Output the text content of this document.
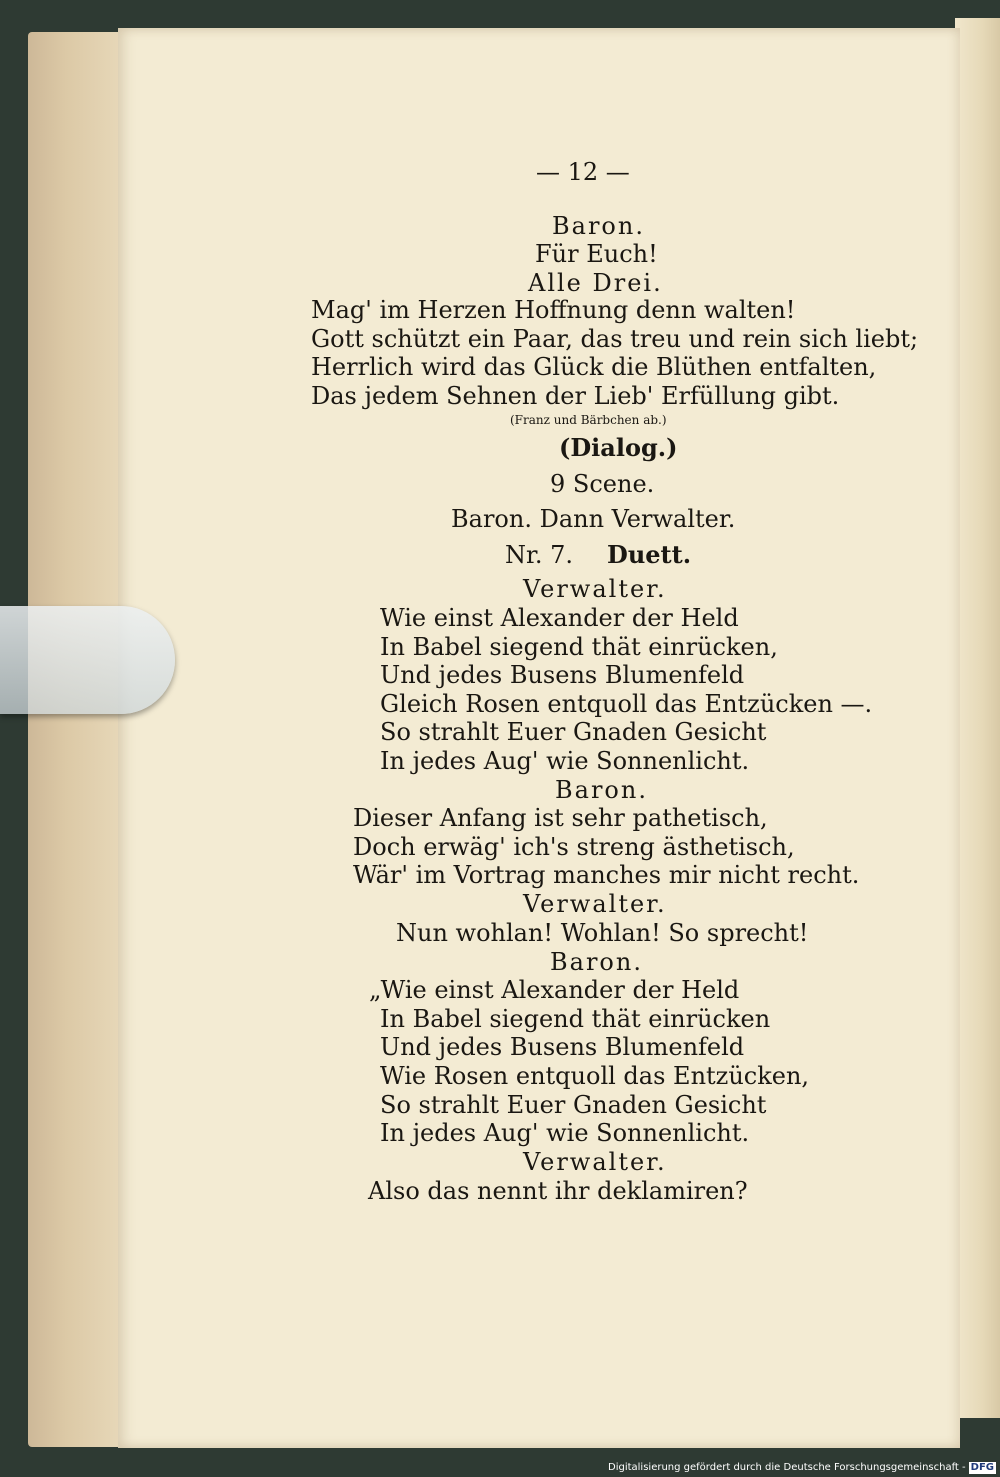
— 12 —
Baron.
Für Euch!
Alle Drei.
Mag' im Herzen Hoffnung denn walten!
Gott schützt ein Paar, das treu und rein sich liebt;
Herrlich wird das Glück die Blüthen entfalten,
Das jedem Sehnen der Lieb' Erfüllung gibt.
(Franz und Bärbchen ab.)
(Dialog.)
9 Scene.
Baron. Dann Verwalter.
Nr. 7. Duett.
Verwalter.
Wie einst Alexander der Held
In Babel siegend thät einrücken,
Und jedes Busens Blumenfeld
Gleich Rosen entquoll das Entzücken —.
So strahlt Euer Gnaden Gesicht
In jedes Aug' wie Sonnenlicht.
Baron.
Dieser Anfang ist sehr pathetisch,
Doch erwäg' ich's streng ästhetisch,
Wär' im Vortrag manches mir nicht recht.
Verwalter.
Nun wohlan! Wohlan! So sprecht!
Baron.
„Wie einst Alexander der Held
In Babel siegend thät einrücken
Und jedes Busens Blumenfeld
Wie Rosen entquoll das Entzücken,
So strahlt Euer Gnaden Gesicht
In jedes Aug' wie Sonnenlicht.
Verwalter.
Also das nennt ihr deklamiren?
Digitalisierung gefördert durch die Deutsche Forschungsgemeinschaft - DFG
